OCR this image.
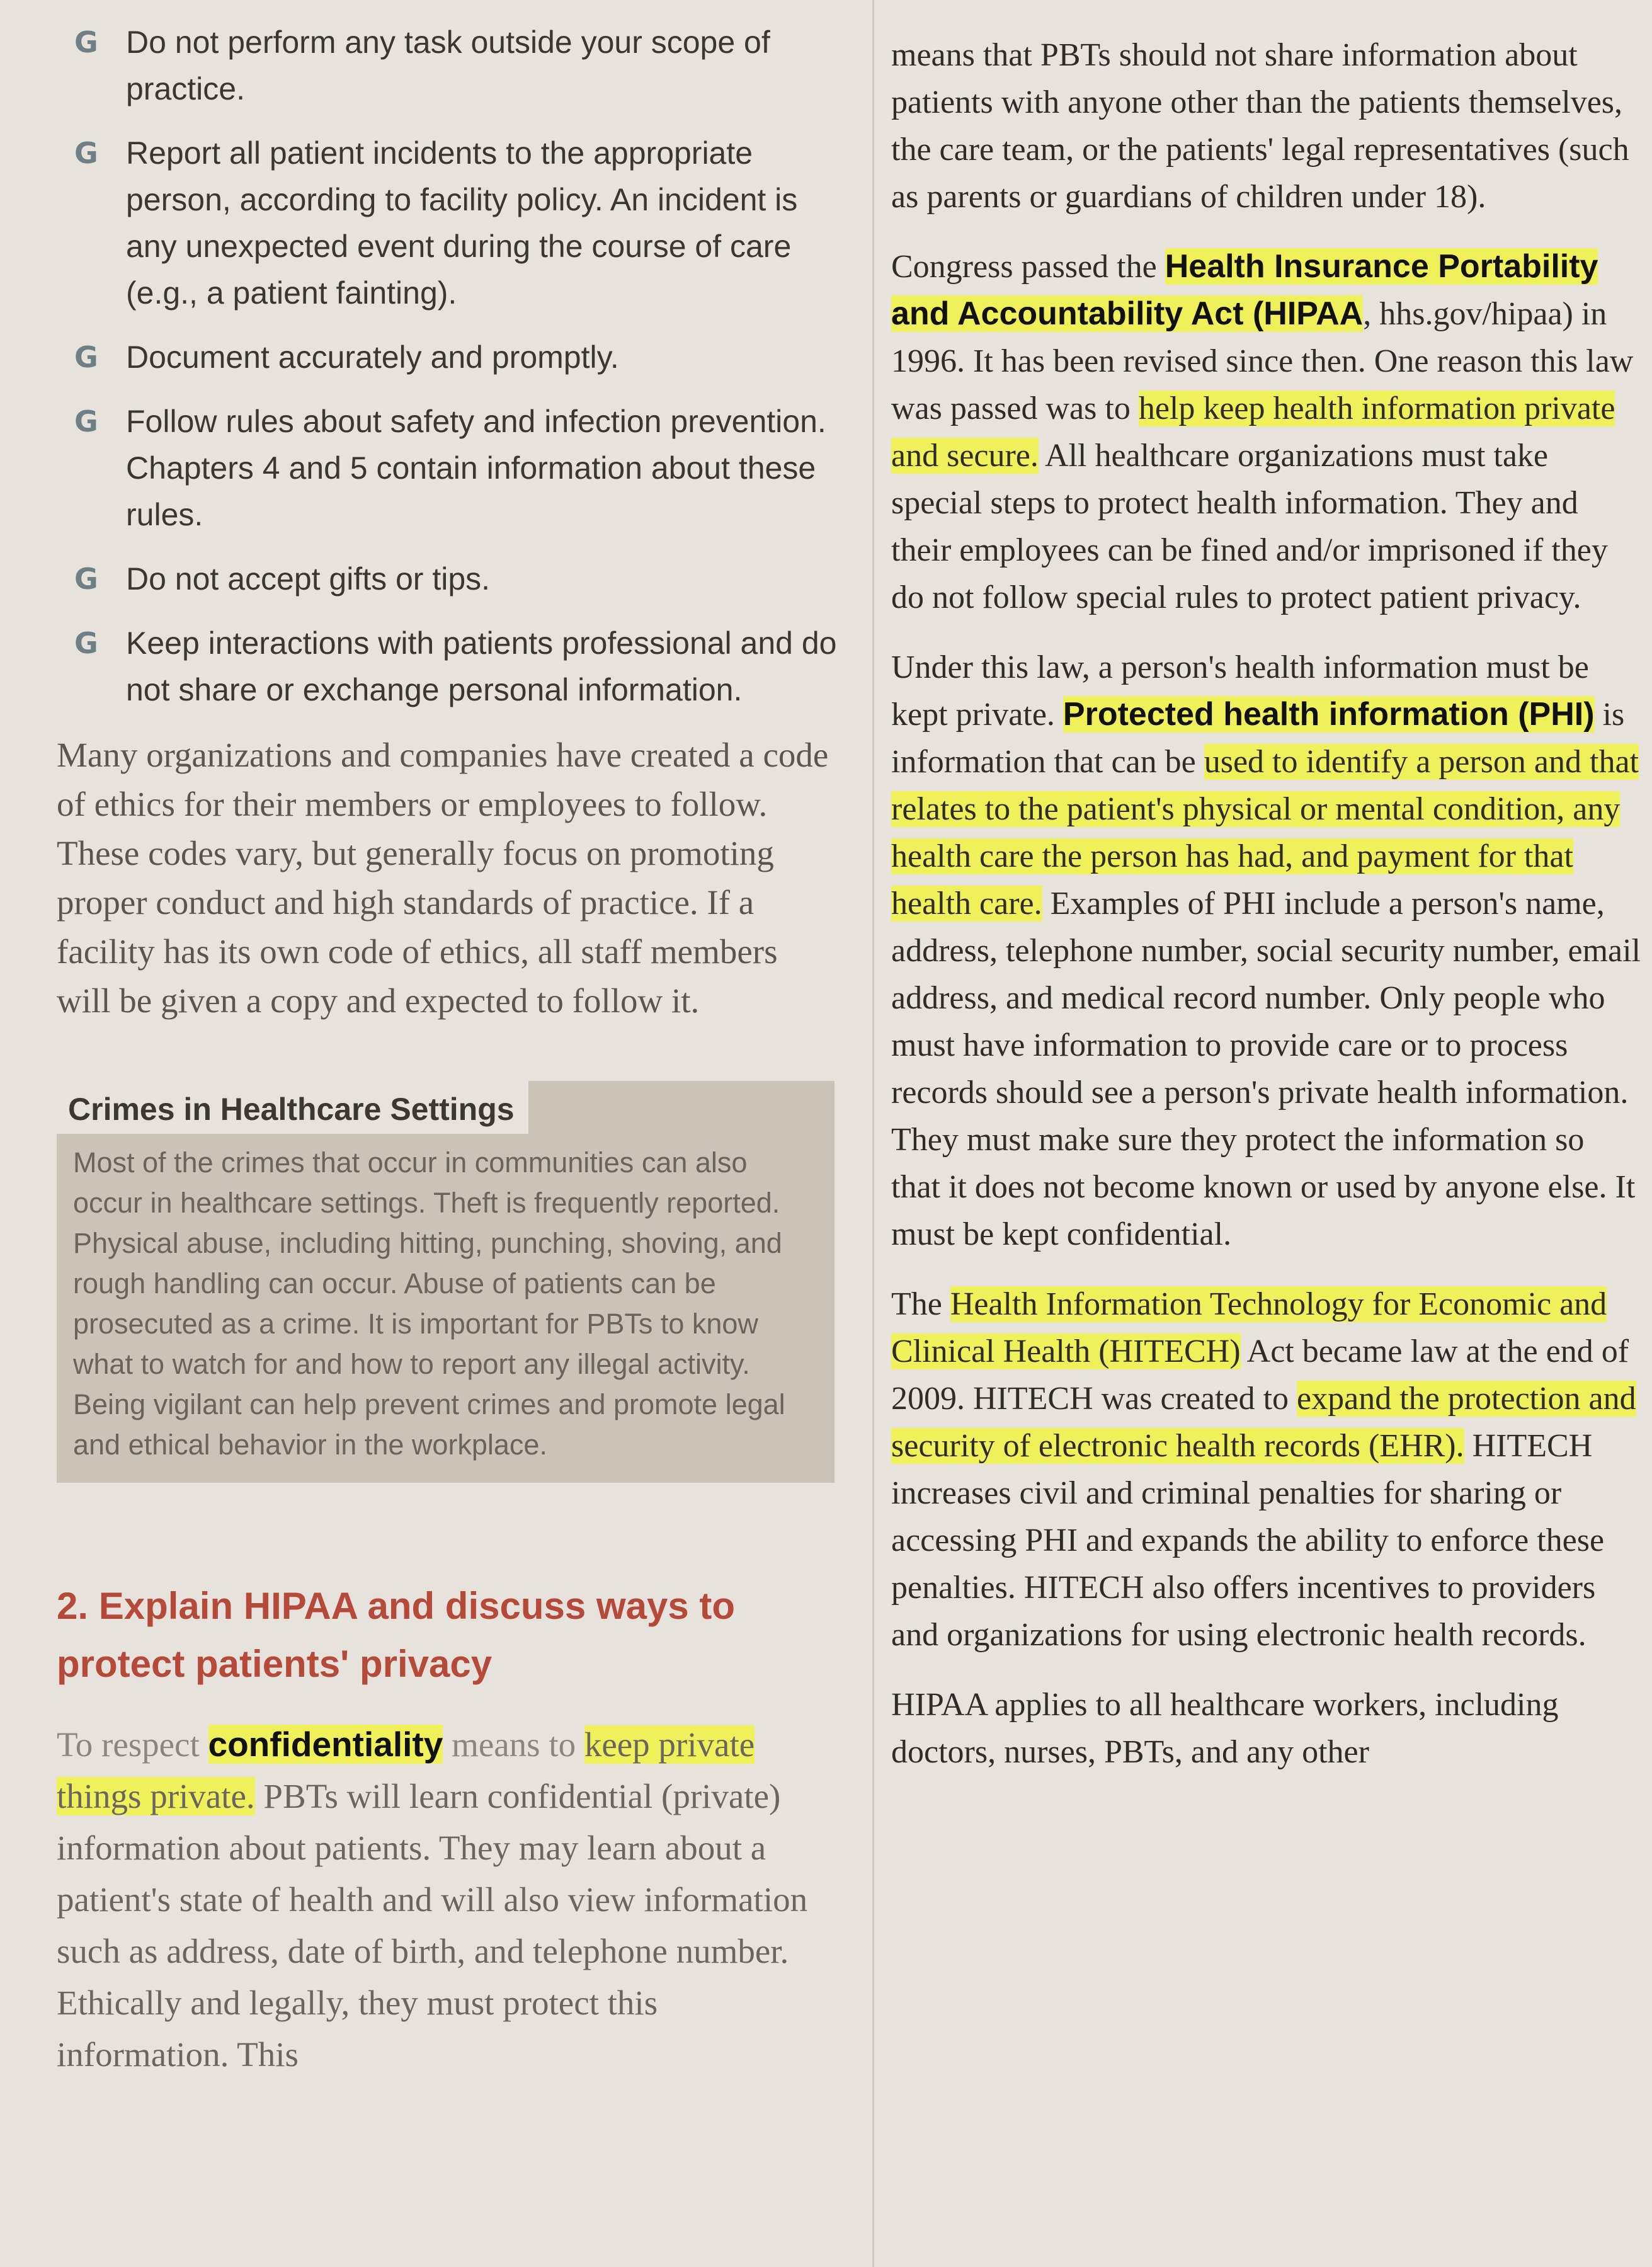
G Do not perform any task outside your scope of practice.
G Report all patient incidents to the appropriate person, according to facility policy. An incident is any unexpected event during the course of care (e.g., a patient fainting).
G Document accurately and promptly.
G Follow rules about safety and infection prevention. Chapters 4 and 5 contain information about these rules.
G Do not accept gifts or tips.
G Keep interactions with patients professional and do not share or exchange personal information.

Many organizations and companies have created a code of ethics for their members or employees to follow. These codes vary, but generally focus on promoting proper conduct and high standards of practice. If a facility has its own code of ethics, all staff members will be given a copy and expected to follow it.

Crimes in Healthcare Settings

Most of the crimes that occur in communities can also occur in healthcare settings. Theft is frequently reported. Physical abuse, including hitting, punching, shoving, and rough handling can occur. Abuse of patients can be prosecuted as a crime. It is important for PBTs to know what to watch for and how to report any illegal activity. Being vigilant can help prevent crimes and promote legal and ethical behavior in the workplace.

2. Explain HIPAA and discuss ways to protect patients' privacy

To respect confidentiality means to keep private things private. PBTs will learn confidential (private) information about patients. They may learn about a patient's state of health and will also view information such as address, date of birth, and telephone number. Ethically and legally, they must protect this information. This

means that PBTs should not share information about patients with anyone other than the patients themselves, the care team, or the patients' legal representatives (such as parents or guardians of children under 18).

Congress passed the Health Insurance Portability and Accountability Act (HIPAA, hhs.gov/hipaa) in 1996. It has been revised since then. One reason this law was passed was to help keep health information private and secure. All healthcare organizations must take special steps to protect health information. They and their employees can be fined and/or imprisoned if they do not follow special rules to protect patient privacy.

Under this law, a person's health information must be kept private. Protected health information (PHI) is information that can be used to identify a person and that relates to the patient's physical or mental condition, any health care the person has had, and payment for that health care. Examples of PHI include a person's name, address, telephone number, social security number, email address, and medical record number. Only people who must have information to provide care or to process records should see a person's private health information. They must make sure they protect the information so that it does not become known or used by anyone else. It must be kept confidential.

The Health Information Technology for Economic and Clinical Health (HITECH) Act became law at the end of 2009. HITECH was created to expand the protection and security of electronic health records (EHR). HITECH increases civil and criminal penalties for sharing or accessing PHI and expands the ability to enforce these penalties. HITECH also offers incentives to providers and organizations for using electronic health records.

HIPAA applies to all healthcare workers, including doctors, nurses, PBTs, and any other
